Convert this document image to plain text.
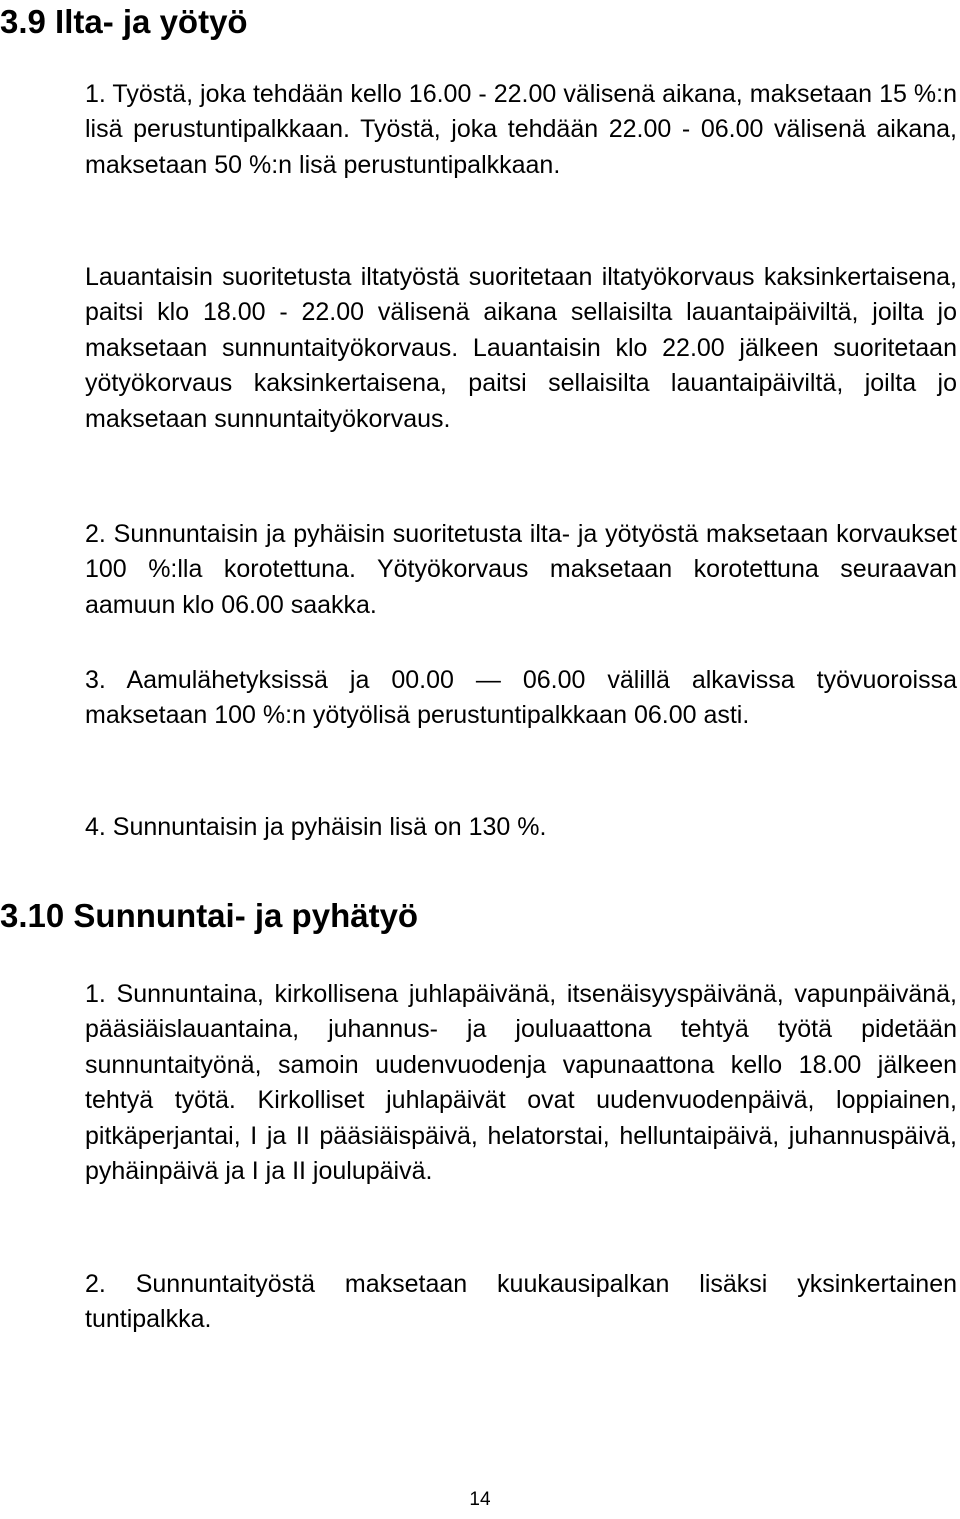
3.9 Ilta- ja yötyö

1. Työstä, joka tehdään kello 16.00 - 22.00 välisenä aikana, maksetaan 15 %:n lisä perustuntipalkkaan. Työstä, joka tehdään 22.00 - 06.00 välisenä aikana, maksetaan 50 %:n lisä perustuntipalkkaan.

Lauantaisin suoritetusta iltatyöstä suoritetaan iltatyökorvaus kaksinkertaisena, paitsi klo 18.00 - 22.00 välisenä aikana sellaisilta lauantaipäiviltä, joilta jo maksetaan sunnuntaityökorvaus. Lauantaisin klo 22.00 jälkeen suoritetaan yötyökorvaus kaksinkertaisena, paitsi sellaisilta lauantaipäiviltä, joilta jo maksetaan sunnuntaityökorvaus.

2. Sunnuntaisin ja pyhäisin suoritetusta ilta- ja yötyöstä maksetaan korvaukset 100 %:lla korotettuna. Yötyökorvaus maksetaan korotettuna seuraavan aamuun klo 06.00 saakka.

3. Aamulähetyksissä ja 00.00 — 06.00 välillä alkavissa työvuoroissa maksetaan 100 %:n yötyölisä perustuntipalkkaan 06.00 asti.

4. Sunnuntaisin ja pyhäisin lisä on 130 %.

3.10 Sunnuntai- ja pyhätyö

1. Sunnuntaina, kirkollisena juhlapäivänä, itsenäisyyspäivänä, vapunpäivänä, pääsiäislauantaina, juhannus- ja jouluaattona tehtyä työtä pidetään sunnuntaityönä, samoin uudenvuodenja vapunaattona kello 18.00 jälkeen tehtyä työtä. Kirkolliset juhlapäivät ovat uudenvuodenpäivä, loppiainen, pitkäperjantai, I ja II pääsiäispäivä, helatorstai, helluntaipäivä, juhannuspäivä, pyhäinpäivä ja I ja II joulupäivä.

2. Sunnuntaityöstä maksetaan kuukausipalkan lisäksi yksinkertainen tuntipalkka.

14
